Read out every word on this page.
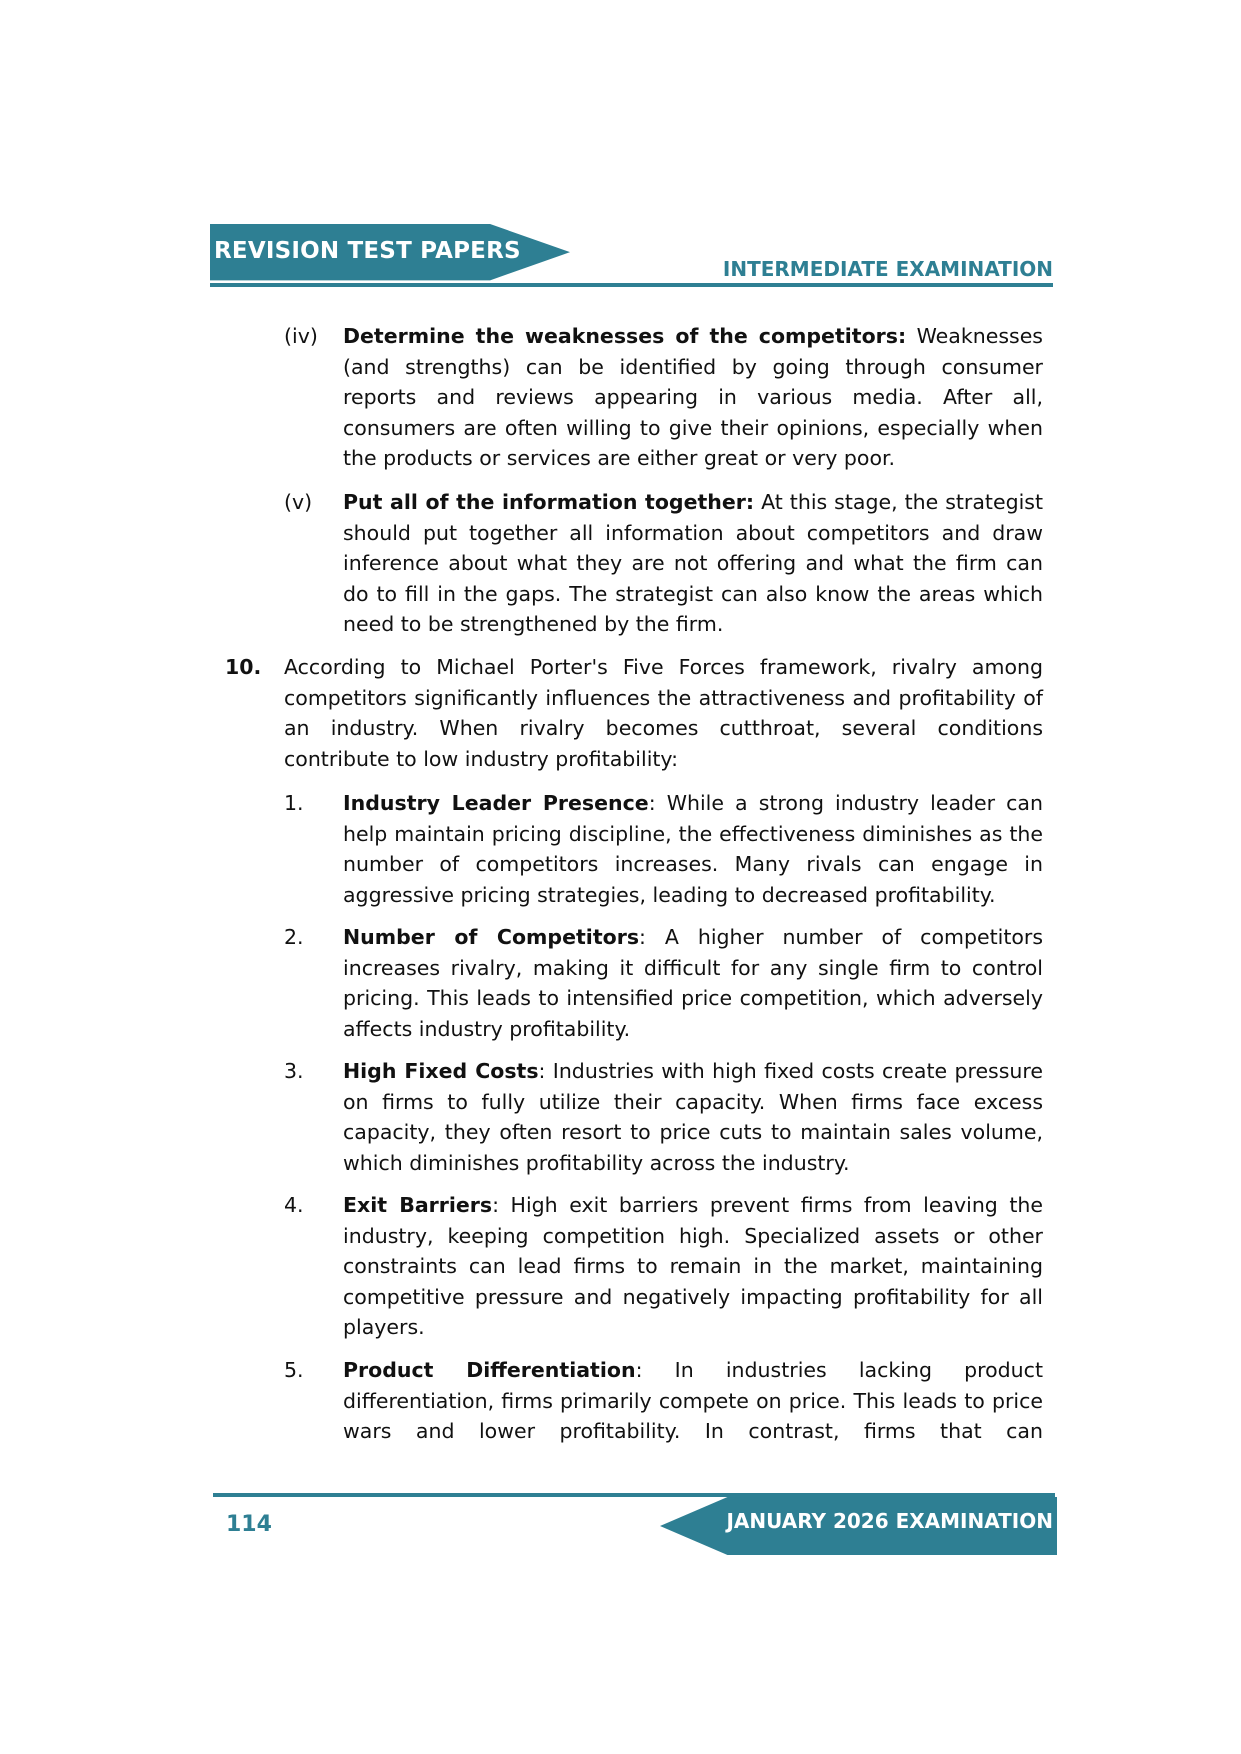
REVISION TEST PAPERS
INTERMEDIATE EXAMINATION
(iv) Determine the weaknesses of the competitors: Weaknesses (and strengths) can be identified by going through consumer reports and reviews appearing in various media. After all, consumers are often willing to give their opinions, especially when the products or services are either great or very poor.
(v) Put all of the information together: At this stage, the strategist should put together all information about competitors and draw inference about what they are not offering and what the firm can do to fill in the gaps. The strategist can also know the areas which need to be strengthened by the firm.
10. According to Michael Porter's Five Forces framework, rivalry among competitors significantly influences the attractiveness and profitability of an industry. When rivalry becomes cutthroat, several conditions contribute to low industry profitability:
1. Industry Leader Presence: While a strong industry leader can help maintain pricing discipline, the effectiveness diminishes as the number of competitors increases. Many rivals can engage in aggressive pricing strategies, leading to decreased profitability.
2. Number of Competitors: A higher number of competitors increases rivalry, making it difficult for any single firm to control pricing. This leads to intensified price competition, which adversely affects industry profitability.
3. High Fixed Costs: Industries with high fixed costs create pressure on firms to fully utilize their capacity. When firms face excess capacity, they often resort to price cuts to maintain sales volume, which diminishes profitability across the industry.
4. Exit Barriers: High exit barriers prevent firms from leaving the industry, keeping competition high. Specialized assets or other constraints can lead firms to remain in the market, maintaining competitive pressure and negatively impacting profitability for all players.
5. Product Differentiation: In industries lacking product differentiation, firms primarily compete on price. This leads to price wars and lower profitability. In contrast, firms that can
114	JANUARY 2026 EXAMINATION
